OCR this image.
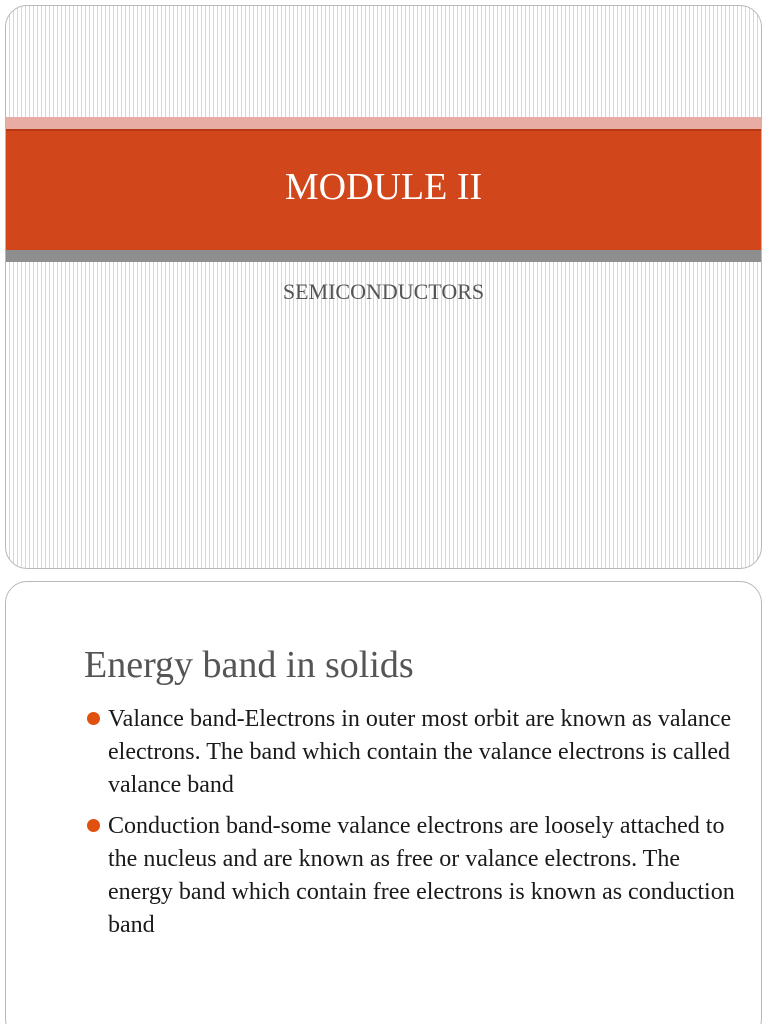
MODULE II

SEMICONDUCTORS

Energy band in solids
Valance band-Electrons in outer most orbit are known as valance electrons. The band which contain the valance electrons is called valance band
Conduction band-some valance electrons are loosely attached to the nucleus and are known as free or valance electrons. The energy band which contain free electrons is known as conduction band
